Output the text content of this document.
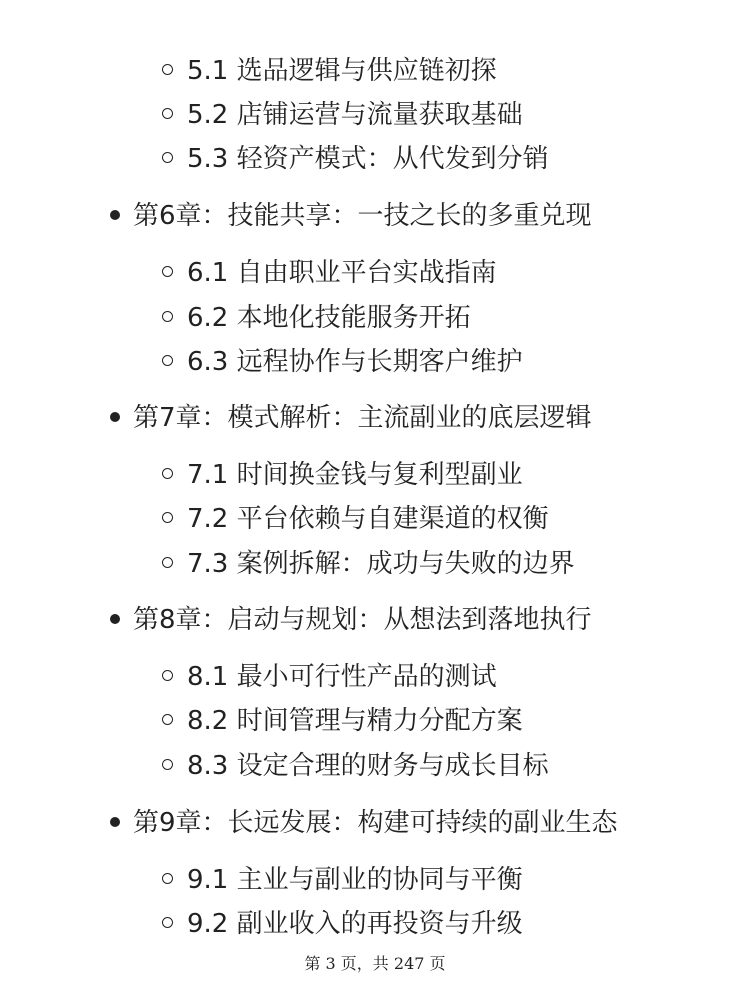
5.1 选品逻辑与供应链初探
5.2 店铺运营与流量获取基础
5.3 轻资产模式：从代发到分销
第6章：技能共享：一技之长的多重兑现
6.1 自由职业平台实战指南
6.2 本地化技能服务开拓
6.3 远程协作与长期客户维护
第7章：模式解析：主流副业的底层逻辑
7.1 时间换金钱与复利型副业
7.2 平台依赖与自建渠道的权衡
7.3 案例拆解：成功与失败的边界
第8章：启动与规划：从想法到落地执行
8.1 最小可行性产品的测试
8.2 时间管理与精力分配方案
8.3 设定合理的财务与成长目标
第9章：长远发展：构建可持续的副业生态
9.1 主业与副业的协同与平衡
9.2 副业收入的再投资与升级
第 3 页，共 247 页
